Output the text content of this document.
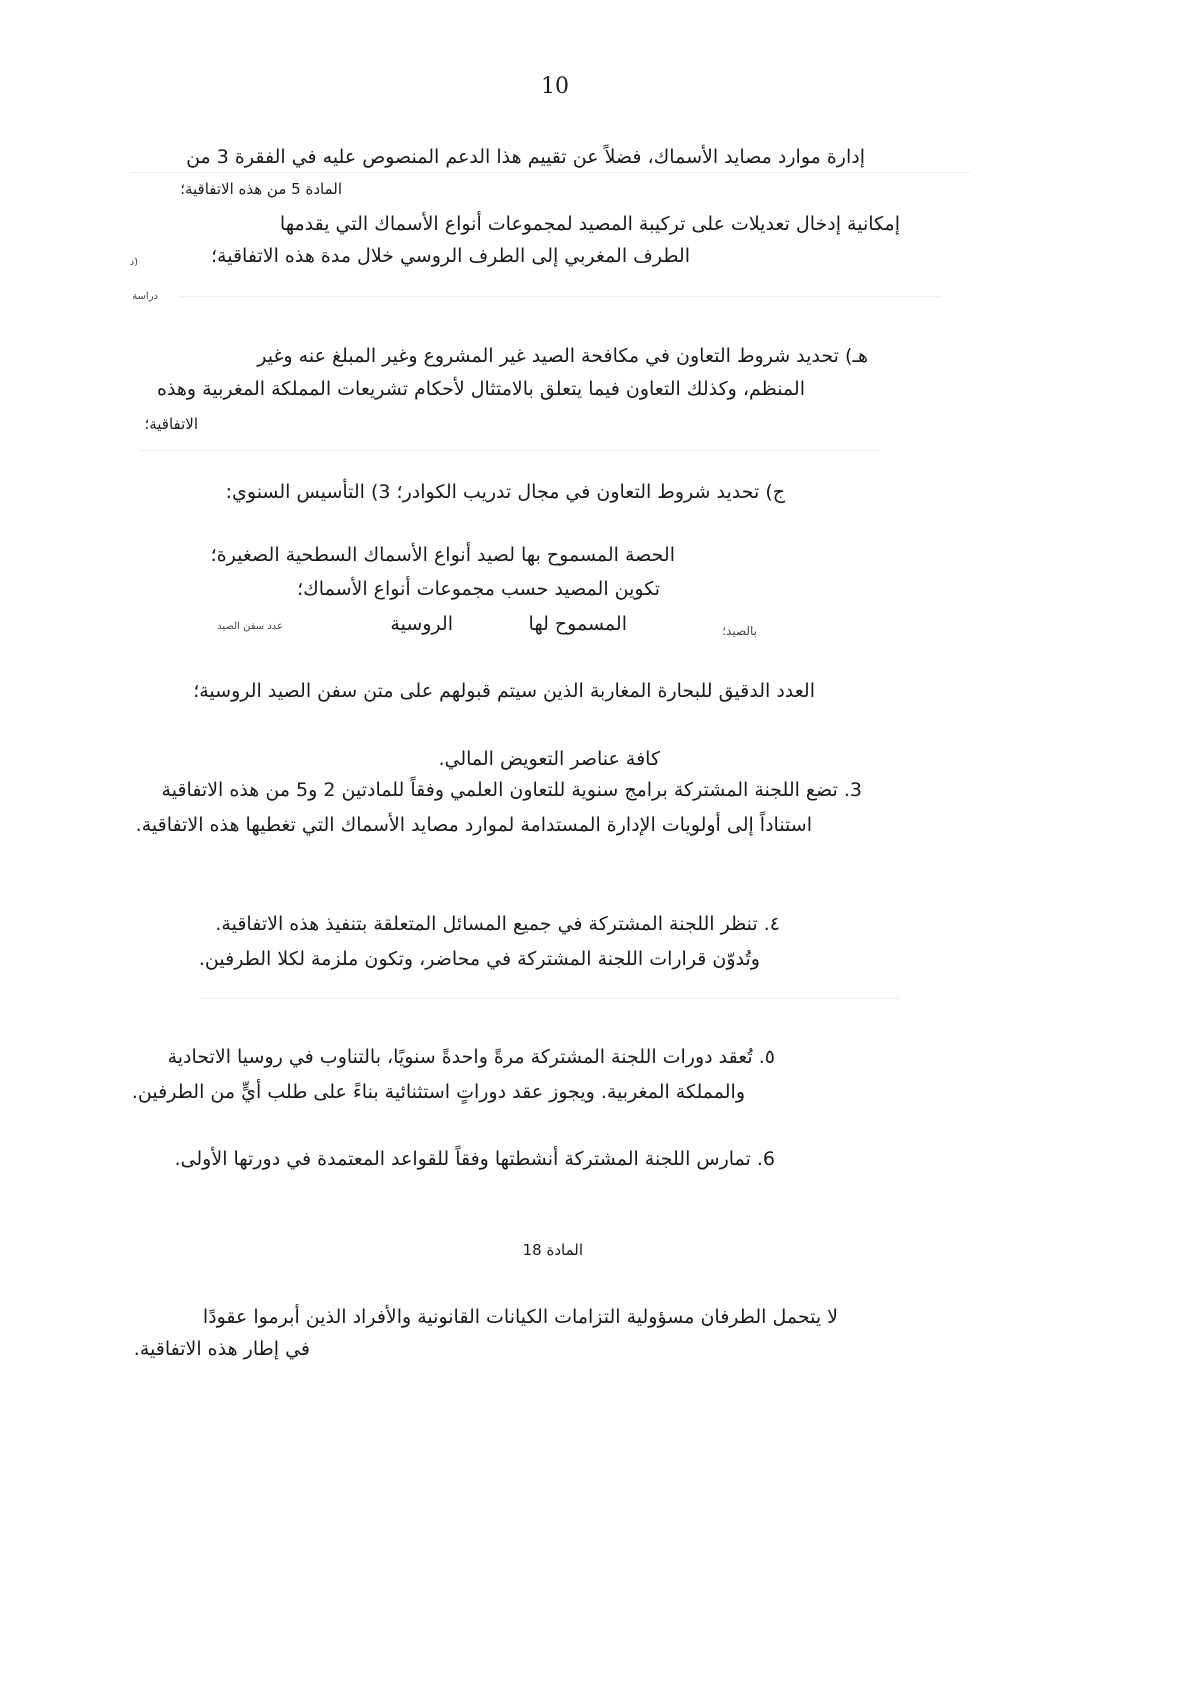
10
إدارة موارد مصايد الأسماك، فضلاً عن تقييم هذا الدعم المنصوص عليه في الفقرة 3 من
المادة 5 من هذه الاتفاقية؛
إمكانية إدخال تعديلات على تركيبة المصيد لمجموعات أنواع الأسماك التي يقدمها
الطرف المغربي إلى الطرف الروسي خلال مدة هذه الاتفاقية؛
(د
دراسة
هـ) تحديد شروط التعاون في مكافحة الصيد غير المشروع وغير المبلغ عنه وغير
المنظم، وكذلك التعاون فيما يتعلق بالامتثال لأحكام تشريعات المملكة المغربية وهذه
الاتفاقية؛
ج) تحديد شروط التعاون في مجال تدريب الكوادر؛ 3) التأسيس السنوي:
الحصة المسموح بها لصيد أنواع الأسماك السطحية الصغيرة؛
تكوين المصيد حسب مجموعات أنواع الأسماك؛
بالصيد؛
المسموح لها
الروسية
عدد سفن الصيد
العدد الدقيق للبحارة المغاربة الذين سيتم قبولهم على متن سفن الصيد الروسية؛
كافة عناصر التعويض المالي.
3. تضع اللجنة المشتركة برامج سنوية للتعاون العلمي وفقاً للمادتين 2 و5 من هذه الاتفاقية
استناداً إلى أولويات الإدارة المستدامة لموارد مصايد الأسماك التي تغطيها هذه الاتفاقية.
٤. تنظر اللجنة المشتركة في جميع المسائل المتعلقة بتنفيذ هذه الاتفاقية.
وتُدوّن قرارات اللجنة المشتركة في محاضر، وتكون ملزمة لكلا الطرفين.
٥. تُعقد دورات اللجنة المشتركة مرةً واحدةً سنويًا، بالتناوب في روسيا الاتحادية
والمملكة المغربية. ويجوز عقد دوراتٍ استثنائية بناءً على طلب أيٍّ من الطرفين.
6. تمارس اللجنة المشتركة أنشطتها وفقاً للقواعد المعتمدة في دورتها الأولى.
المادة 18
لا يتحمل الطرفان مسؤولية التزامات الكيانات القانونية والأفراد الذين أبرموا عقودًا
في إطار هذه الاتفاقية.
